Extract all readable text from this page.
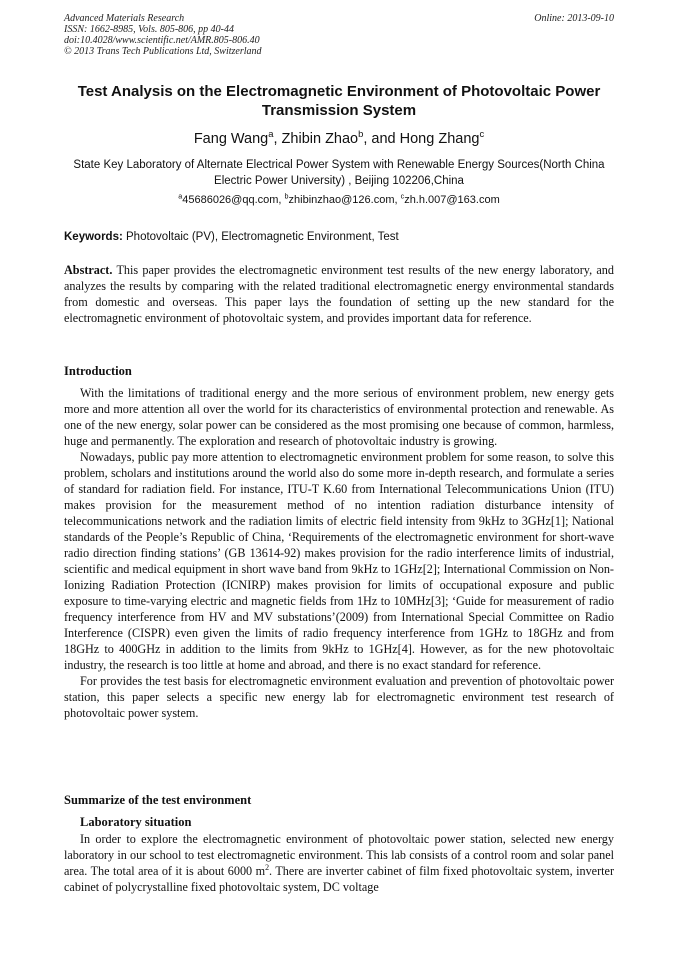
Advanced Materials Research
ISSN: 1662-8985, Vols. 805-806, pp 40-44
doi:10.4028/www.scientific.net/AMR.805-806.40
© 2013 Trans Tech Publications Ltd, Switzerland
Online: 2013-09-10
Test Analysis on the Electromagnetic Environment of Photovoltaic Power Transmission System
Fang Wang$^a$, Zhibin Zhao$^b$, and Hong Zhang$^c$
State Key Laboratory of Alternate Electrical Power System with Renewable Energy Sources(North China Electric Power University) , Beijing 102206,China
$^a$45686026@qq.com, $^b$zhibinzhao@126.com, $^c$zh.h.007@163.com
Keywords: Photovoltaic (PV), Electromagnetic Environment, Test
Abstract. This paper provides the electromagnetic environment test results of the new energy laboratory, and analyzes the results by comparing with the related traditional electromagnetic energy environmental standards from domestic and overseas. This paper lays the foundation of setting up the new standard for the electromagnetic environment of photovoltaic system, and provides important data for reference.
Introduction

With the limitations of traditional energy and the more serious of environment problem, new energy gets more and more attention all over the world for its characteristics of environmental protection and renewable. As one of the new energy, solar power can be considered as the most promising one because of common, harmless, huge and permanently. The exploration and research of photovoltaic industry is growing.

Nowadays, public pay more attention to electromagnetic environment problem for some reason, to solve this problem, scholars and institutions around the world also do some more in-depth research, and formulate a series of standard for radiation field. For instance, ITU-T K.60 from International Telecommunications Union (ITU) makes provision for the measurement method of no intention radiation disturbance intensity of telecommunications network and the radiation limits of electric field intensity from 9kHz to 3GHz[1]; National standards of the People’s Republic of China, ‘Requirements of the electromagnetic environment for short-wave radio direction finding stations’ (GB 13614-92) makes provision for the radio interference limits of industrial, scientific and medical equipment in short wave band from 9kHz to 1GHz[2]; International Commission on Non-Ionizing Radiation Protection (ICNIRP) makes provision for limits of occupational exposure and public exposure to time-varying electric and magnetic fields from 1Hz to 10MHz[3]; ‘Guide for measurement of radio frequency interference from HV and MV substations’(2009) from International Special Committee on Radio Interference (CISPR) even given the limits of radio frequency interference from 1GHz to 18GHz and from 18GHz to 400GHz in addition to the limits from 9kHz to 1GHz[4]. However, as for the new photovoltaic industry, the research is too little at home and abroad, and there is no exact standard for reference.

For provides the test basis for electromagnetic environment evaluation and prevention of photovoltaic power station, this paper selects a specific new energy lab for electromagnetic environment test research of photovoltaic power system.

Summarize of the test environment
Laboratory situation

In order to explore the electromagnetic environment of photovoltaic power station, selected new energy laboratory in our school to test electromagnetic environment. This lab consists of a control room and solar panel area. The total area of it is about 6000 $m^2$. There are inverter cabinet of film fixed photovoltaic system, inverter cabinet of polycrystalline fixed photovoltaic system, DC voltage
